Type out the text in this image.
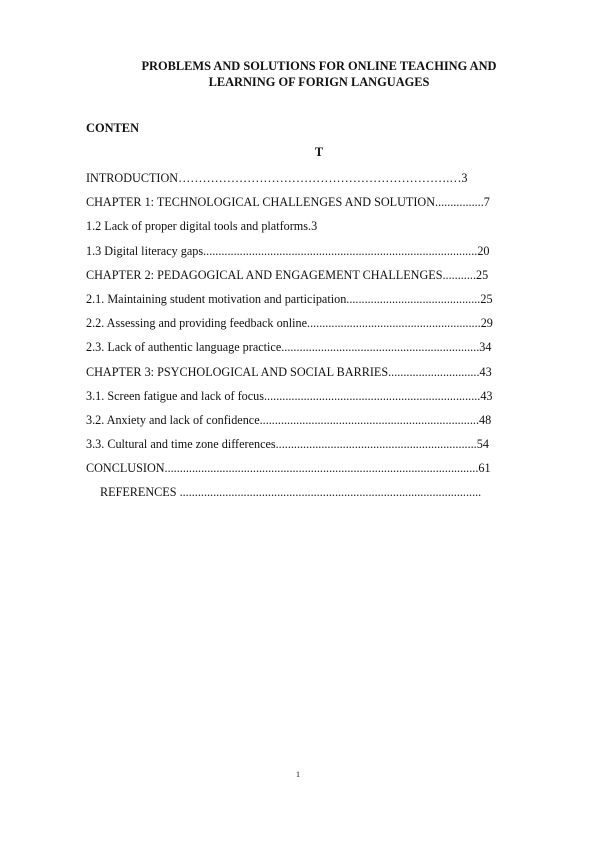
PROBLEMS AND SOLUTIONS FOR ONLINE TEACHING AND
LEARNING OF FORIGN LANGUAGES
CONTEN
T
INTRODUCTION………………………………………………………….…3
CHAPTER 1: TECHNOLOGICAL CHALLENGES AND SOLUTION................7
1.2 Lack of proper digital tools and platforms.3
1.3 Digital literacy gaps..........................................................................................20
CHAPTER 2: PEDAGOGICAL AND ENGAGEMENT CHALLENGES...........25
2.1. Maintaining student motivation and participation............................................25
2.2. Assessing and providing feedback online.........................................................29
2.3. Lack of authentic language practice.................................................................34
CHAPTER 3: PSYCHOLOGICAL AND SOCIAL BARRIES..............................43
3.1. Screen fatigue and lack of focus.......................................................................43
3.2. Anxiety and lack of confidence........................................................................48
3.3. Cultural and time zone differences..................................................................54
CONCLUSION.......................................................................................................61
REFERENCES ...................................................................................................
1
